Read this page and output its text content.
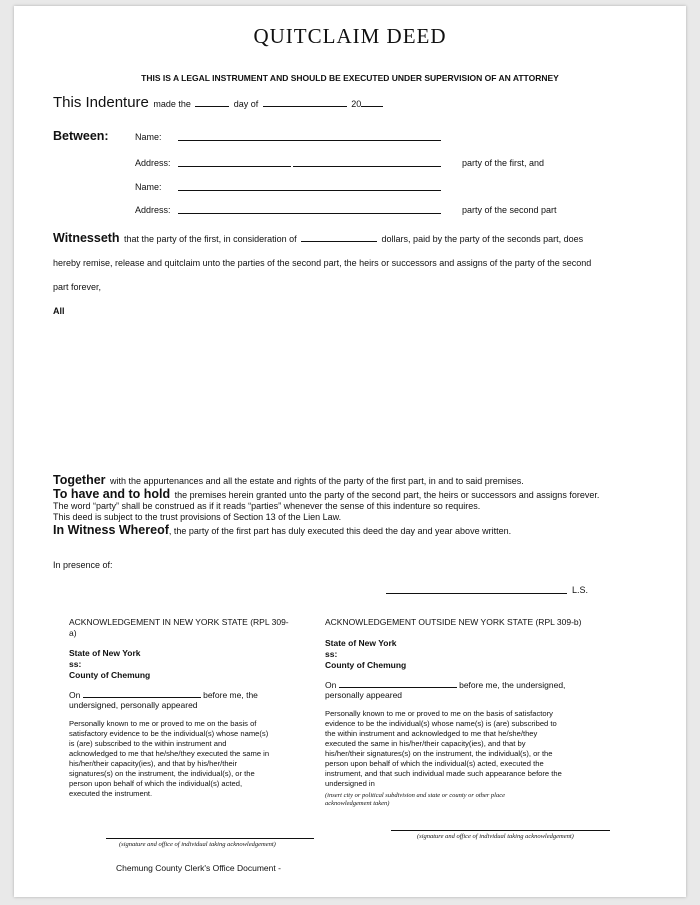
QUITCLAIM DEED
THIS IS A LEGAL INSTRUMENT AND SHOULD BE EXECUTED UNDER SUPERVISION OF AN ATTORNEY
This Indenture made the	day of	20
Between:	Name:
Address:	party of the first, and
Name:
Address:	party of the second part
Witnesseth that the party of the first, in consideration of	dollars, paid by the party of the seconds part, does
hereby remise, release and quitclaim unto the parties of the second part, the heirs or successors and assigns of the party of the second
part forever,
All
Together with the appurtenances and all the estate and rights of the party of the first part, in and to said premises.
To have and to hold the premises herein granted unto the party of the second part, the heirs or successors and assigns forever.
The word “party” shall be construed as if it reads “parties” whenever the sense of this indenture so requires.
This deed is subject to the trust provisions of Section 13 of the Lien Law.
In Witness Whereof, the party of the first part has duly executed this deed the day and year above written.
In presence of:
L.S.
ACKNOWLEDGEMENT IN NEW YORK STATE (RPL 309-
a)
State of New York
ss:
County of Chemung
On	before me, the
undersigned, personally appeared
Personally known to me or proved to me on the basis of
satisfactory evidence to be the individual(s) whose name(s)
is (are) subscribed to the within instrument and
acknowledged to me that he/she/they executed the same in
his/her/their capacity(ies), and that by his/her/their
signatures(s) on the instrument, the individual(s), or the
person upon behalf of which the individual(s) acted,
executed the instrument.
(signature and office of individual taking acknowledgement)
ACKNOWLEDGEMENT OUTSIDE NEW YORK STATE (RPL 309-b)
State of New York
ss:
County of Chemung
On	before me, the undersigned,
personally appeared
Personally known to me or proved to me on the basis of satisfactory
evidence to be the individual(s) whose name(s) is (are) subscribed to
the within instrument and acknowledged to me that he/she/they
executed the same in his/her/their capacity(ies), and that by
his/her/their signatures(s) on the instrument, the individual(s), or the
person upon behalf of which the individual(s) acted, executed the
instrument, and that such individual made such appearance before the
undersigned in
(insert city or political subdivision and state or county or other place
acknowledgement taken)
(signature and office of individual taking acknowledgement)
Chemung County Clerk's Office Document -
